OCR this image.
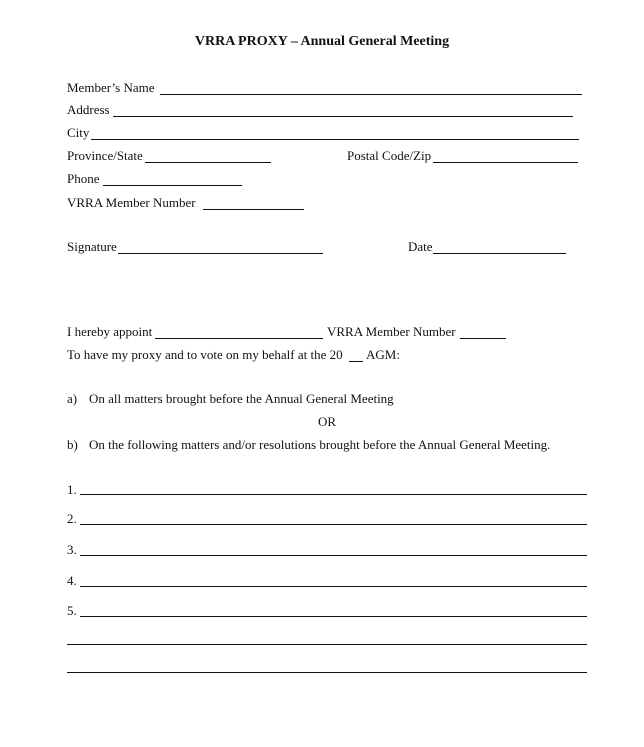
VRRA PROXY – Annual General Meeting
Member’s Name
Address
City
Province/State	Postal Code/Zip
Phone
VRRA Member Number
Signature	Date
I hereby appoint	VRRA Member Number
To have my proxy and to vote on my behalf at the 20 AGM:
a) On all matters brought before the Annual General Meeting
OR
b) On the following matters and/or resolutions brought before the Annual General Meeting.
1.
2.
3.
4.
5.
